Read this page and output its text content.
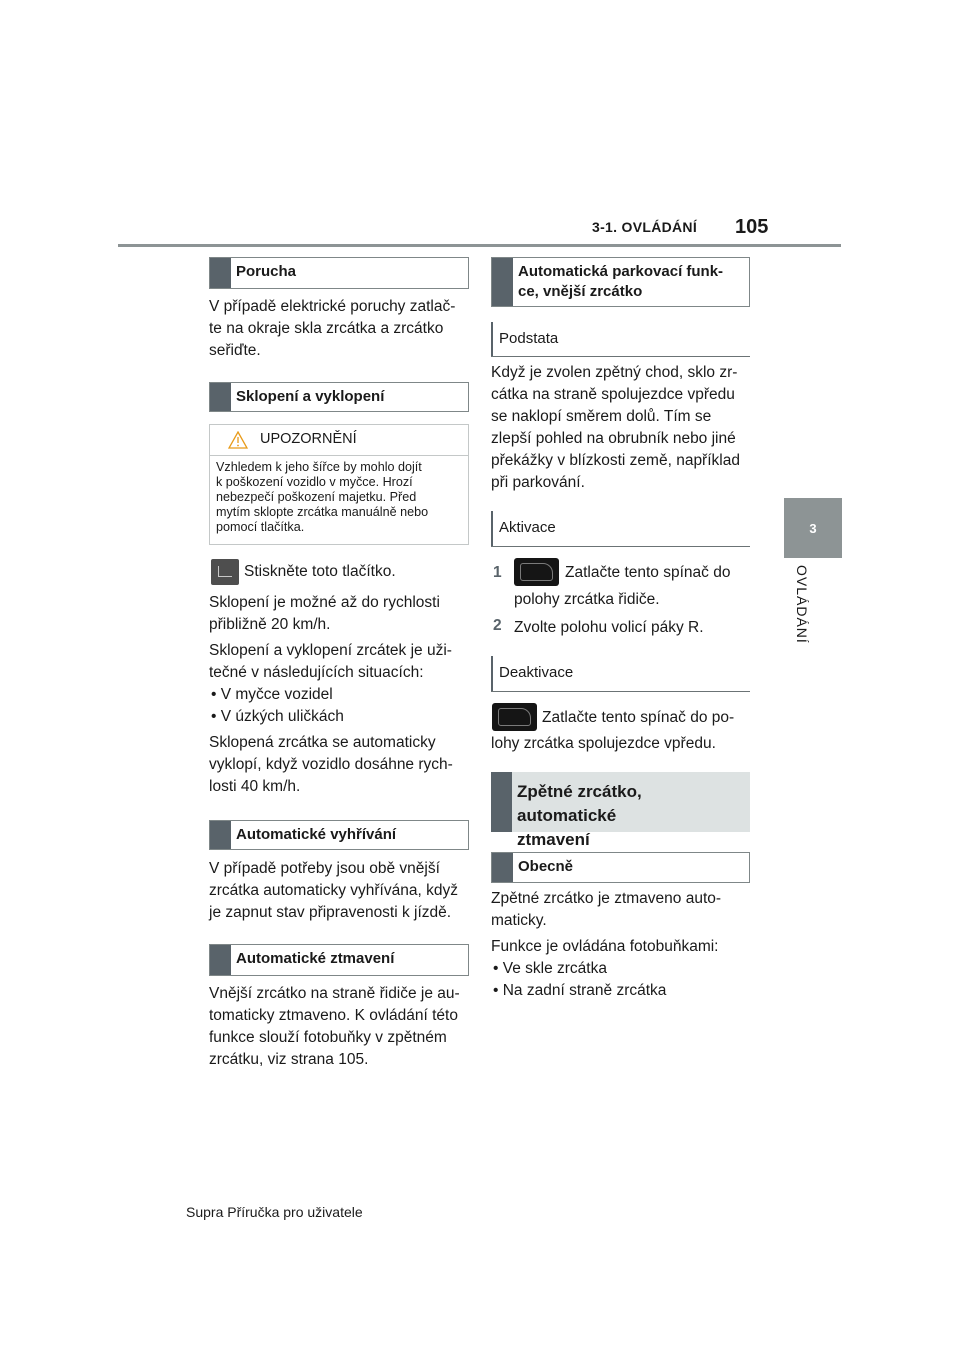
3-1. OVLÁDÁNÍ 105
3
OVLÁDÁNÍ
Porucha
V případě elektrické poruchy zatlač-
te na okraje skla zrcátka a zrcátko
seřiďte.
Sklopení a vyklopení
UPOZORNĚNÍ
Vzhledem k jeho šířce by mohlo dojít
k poškození vozidlo v myčce. Hrozí
nebezpečí poškození majetku. Před
mytím sklopte zrcátka manuálně nebo
pomocí tlačítka.
Stiskněte toto tlačítko.
Sklopení je možné až do rychlosti
přibližně 20 km/h.
Sklopení a vyklopení zrcátek je uži-
tečné v následujících situacích:
• V myčce vozidel
• V úzkých uličkách
Sklopená zrcátka se automaticky
vyklopí, když vozidlo dosáhne rych-
losti 40 km/h.
Automatické vyhřívání
V případě potřeby jsou obě vnější
zrcátka automaticky vyhřívána, když
je zapnut stav připravenosti k jízdě.
Automatické ztmavení
Vnější zrcátko na straně řidiče je au-
tomaticky ztmaveno. K ovládání této
funkce slouží fotobuňky v zpětném
zrcátku, viz strana 105.
Automatická parkovací funk-
ce, vnější zrcátko
Podstata
Když je zvolen zpětný chod, sklo zr-
cátka na straně spolujezdce vpředu
se naklopí směrem dolů. Tím se
zlepší pohled na obrubník nebo jiné
překážky v blízkosti země, například
při parkování.
Aktivace
1	Zatlačte tento spínač do
polohy zrcátka řidiče.
2 Zvolte polohu volicí páky R.
Deaktivace
Zatlačte tento spínač do po-
lohy zrcátka spolujezdce vpředu.
Zpětné zrcátko, automatické
ztmavení
Obecně
Zpětné zrcátko je ztmaveno auto-
maticky.
Funkce je ovládána fotobuňkami:
• Ve skle zrcátka
• Na zadní straně zrcátka
Supra Příručka pro uživatele
